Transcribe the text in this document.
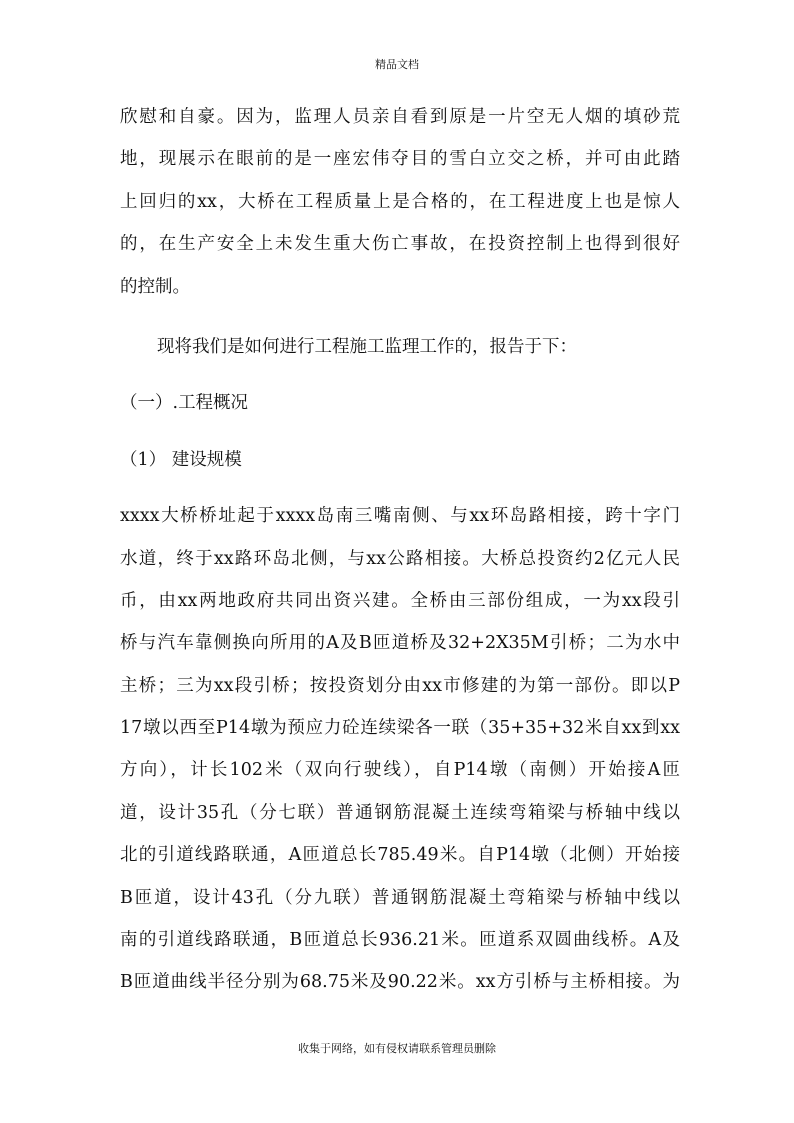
精品文档
欣慰和自豪。因为，监理人员亲自看到原是一片空无人烟的填砂荒
地，现展示在眼前的是一座宏伟夺目的雪白立交之桥，并可由此踏
上回归的xx，大桥在工程质量上是合格的，在工程进度上也是惊人
的，在生产安全上未发生重大伤亡事故，在投资控制上也得到很好
的控制。
现将我们是如何进行工程施工监理工作的，报告于下：
（一）.工程概况
（1） 建设规模
xxxx大桥桥址起于xxxx岛南三嘴南侧、与xx环岛路相接，跨十字门
水道，终于xx路环岛北侧，与xx公路相接。大桥总投资约2亿元人民
币，由xx两地政府共同出资兴建。全桥由三部份组成，一为xx段引
桥与汽车靠侧换向所用的A及B匝道桥及32+2X35M引桥；二为水中
主桥；三为xx段引桥；按投资划分由xx市修建的为第一部份。即以P
17墩以西至P14墩为预应力砼连续梁各一联（35+35+32米自xx到xx
方向），计长102米（双向行驶线），自P14墩（南侧）开始接A匝
道，设计35孔（分七联）普通钢筋混凝土连续弯箱梁与桥轴中线以
北的引道线路联通，A匝道总长785.49米。自P14墩（北侧）开始接
B匝道，设计43孔（分九联）普通钢筋混凝土弯箱梁与桥轴中线以
南的引道线路联通，B匝道总长936.21米。匝道系双圆曲线桥。A及
B匝道曲线半径分别为68.75米及90.22米。xx方引桥与主桥相接。为
收集于网络，如有侵权请联系管理员删除
